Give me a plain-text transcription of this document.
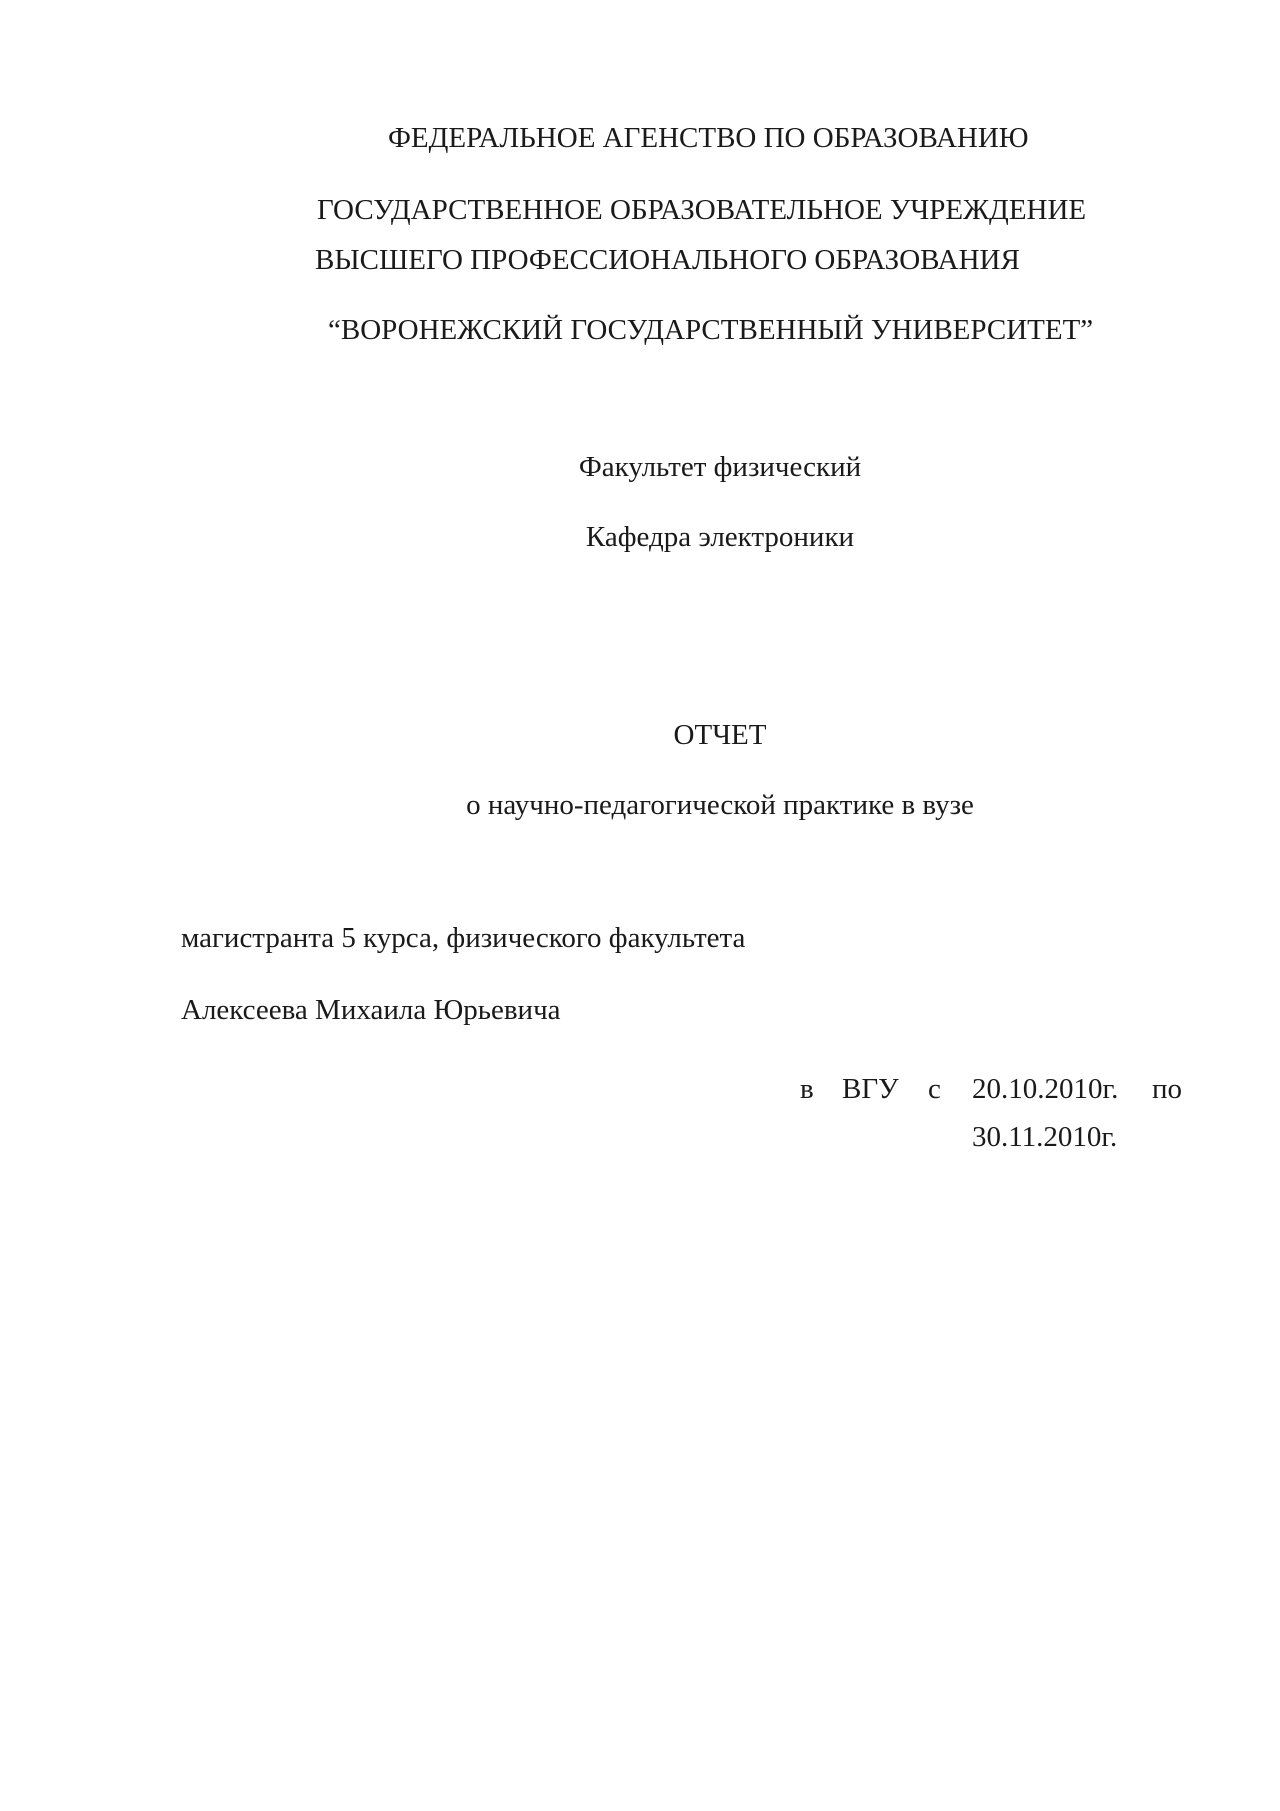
ФЕДЕРАЛЬНОЕ АГЕНСТВО ПО ОБРАЗОВАНИЮ
ГОСУДАРСТВЕННОЕ ОБРАЗОВАТЕЛЬНОЕ УЧРЕЖДЕНИЕ
ВЫСШЕГО ПРОФЕССИОНАЛЬНОГО ОБРАЗОВАНИЯ
“ВОРОНЕЖСКИЙ ГОСУДАРСТВЕННЫЙ УНИВЕРСИТЕТ”
Факультет физический
Кафедра электроники
ОТЧЕТ
о научно-педагогической практике в вузе
магистранта 5 курса, физического факультета
Алексеева Михаила Юрьевича
в ВГУ с 20.10.2010г. по
30.11.2010г.
